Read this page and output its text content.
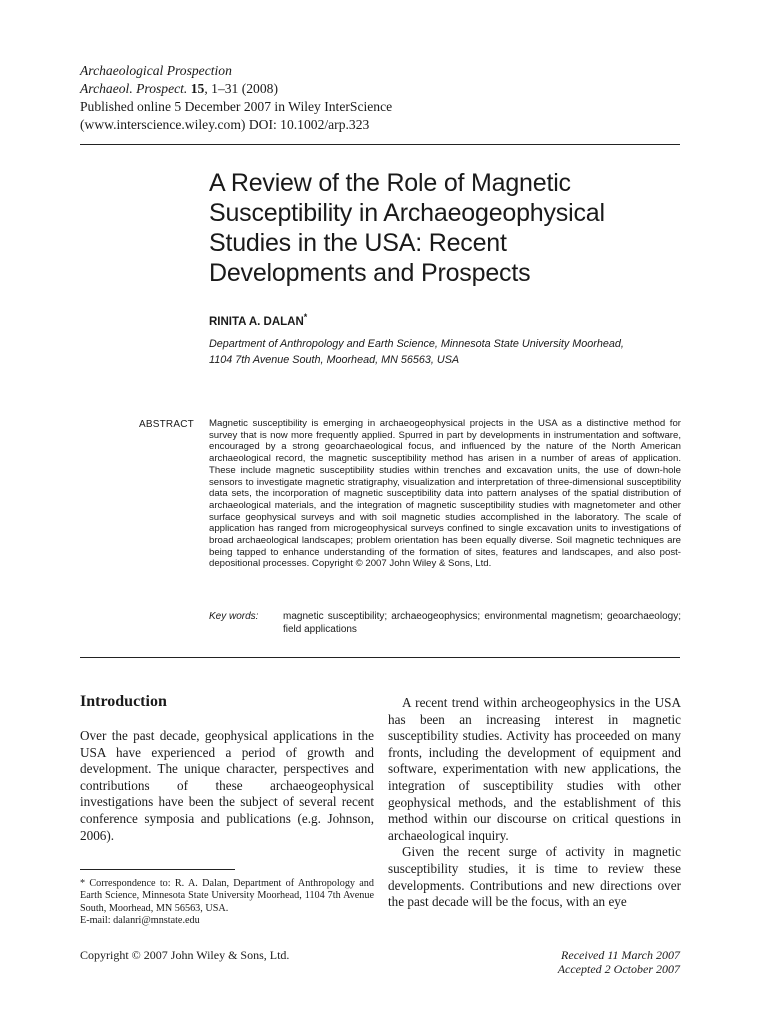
Archaeological Prospection
Archaeol. Prospect. 15, 1–31 (2008)
Published online 5 December 2007 in Wiley InterScience
(www.interscience.wiley.com) DOI: 10.1002/arp.323
A Review of the Role of Magnetic
Susceptibility in Archaeogeophysical
Studies in the USA: Recent
Developments and Prospects
RINITA A. DALAN*
Department of Anthropology and Earth Science, Minnesota State University Moorhead,
1104 7th Avenue South, Moorhead, MN 56563, USA
ABSTRACT Magnetic susceptibility is emerging in archaeogeophysical projects in the USA as a distinctive method for survey that is now more frequently applied. Spurred in part by developments in instrumentation and software, encouraged by a strong geoarchaeological focus, and influenced by the nature of the North American archaeological record, the magnetic susceptibility method has arisen in a number of areas of application. These include magnetic susceptibility studies within trenches and excavation units, the use of down-hole sensors to investigate magnetic stratigraphy, visualization and interpretation of three-dimensional susceptibility data sets, the incorporation of magnetic susceptibility data into pattern analyses of the spatial distribution of archaeological materials, and the integration of magnetic susceptibility studies with magnetometer and other surface geophysical surveys and with soil magnetic studies accomplished in the laboratory. The scale of application has ranged from microgeophysical surveys confined to single excavation units to investigations of broad archaeological landscapes; problem orientation has been equally diverse. Soil magnetic techniques are being tapped to enhance understanding of the formation of sites, features and landscapes, and also post-depositional processes. Copyright © 2007 John Wiley & Sons, Ltd.
Key words: magnetic susceptibility; archaeogeophysics; environmental magnetism; geoarchaeology; field applications
Introduction

Over the past decade, geophysical applications in the USA have experienced a period of growth and development. The unique character, perspectives and contributions of these archaeogeophysical investigations have been the subject of several recent conference symposia and publications (e.g. Johnson, 2006).

A recent trend within archeogeophysics in the USA has been an increasing interest in magnetic susceptibility studies. Activity has proceeded on many fronts, including the development of equipment and software, experimentation with new applications, the integration of susceptibility studies with other geophysical methods, and the establishment of this method within our discourse on critical questions in archaeological inquiry.

Given the recent surge of activity in magnetic susceptibility studies, it is time to review these developments. Contributions and new directions over the past decade will be the focus, with an eye

* Correspondence to: R. A. Dalan, Department of Anthropology and Earth Science, Minnesota State University Moorhead, 1104 7th Avenue South, Moorhead, MN 56563, USA.
E-mail: dalanri@mnstate.edu
Copyright © 2007 John Wiley & Sons, Ltd.	Received 11 March 2007
Accepted 2 October 2007
